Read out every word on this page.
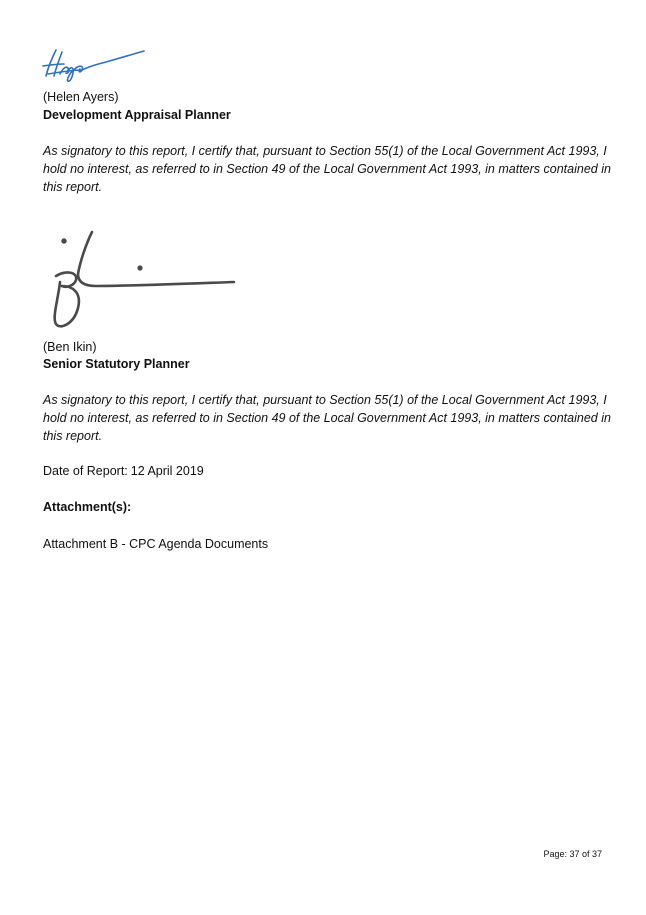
(Helen Ayers)
Development Appraisal Planner
As signatory to this report, I certify that, pursuant to Section 55(1) of the Local Government Act 1993, I hold no interest, as referred to in Section 49 of the Local Government Act 1993, in matters contained in this report.
(Ben Ikin)
Senior Statutory Planner
As signatory to this report, I certify that, pursuant to Section 55(1) of the Local Government Act 1993, I hold no interest, as referred to in Section 49 of the Local Government Act 1993, in matters contained in this report.
Date of Report: 12 April 2019
Attachment(s):
Attachment B - CPC Agenda Documents
Page: 37 of 37
